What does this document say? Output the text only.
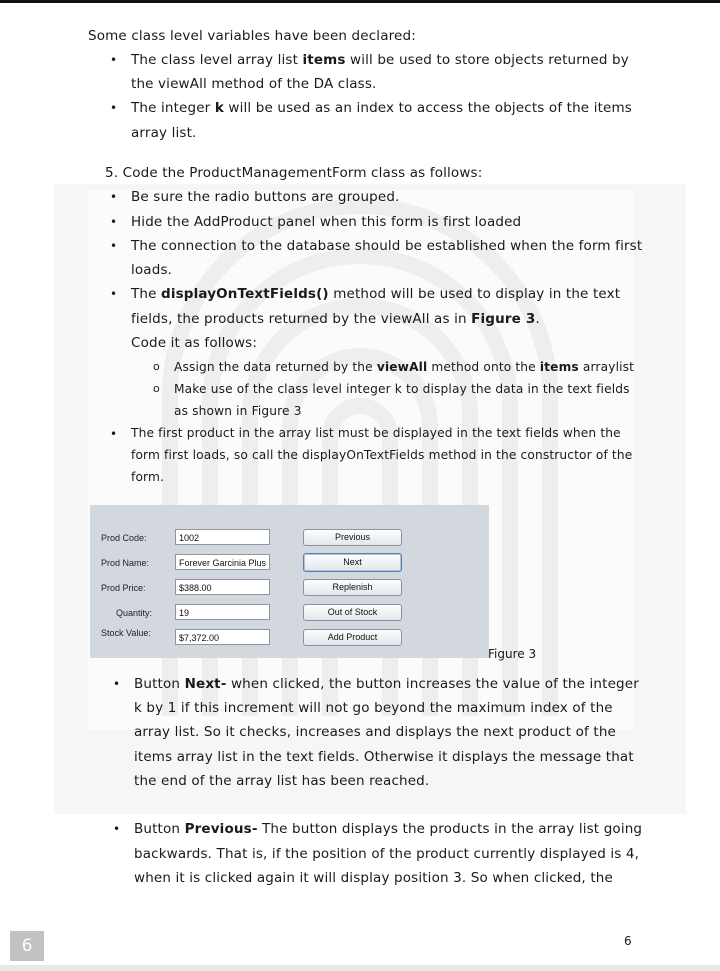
Some class level variables have been declared:
• The class level array list items will be used to store objects returned by
the viewAll method of the DA class.
• The integer k will be used as an index to access the objects of the items
array list.
5. Code the ProductManagementForm class as follows:
• Be sure the radio buttons are grouped.
• Hide the AddProduct panel when this form is first loaded
• The connection to the database should be established when the form first
loads.
• The displayOnTextFields() method will be used to display in the text
fields, the products returned by the viewAll as in Figure 3.
Code it as follows:
o Assign the data returned by the viewAll method onto the items arraylist
o Make use of the class level integer k to display the data in the text fields
as shown in Figure 3
• The first product in the array list must be displayed in the text fields when the
form first loads, so call the displayOnTextFields method in the constructor of the
form.
Prod Code:	1002	Previous
Prod Name:	Forever Garcinia Plus	Next
Prod Price:	$388.00	Replenish
Quantity:	19	Out of Stock
Stock Value:	$7,372.00	Add Product
Figure 3
• Button Next- when clicked, the button increases the value of the integer
k by 1 if this increment will not go beyond the maximum index of the
array list. So it checks, increases and displays the next product of the
items array list in the text fields. Otherwise it displays the message that
the end of the array list has been reached.
• Button Previous- The button displays the products in the array list going
backwards. That is, if the position of the product currently displayed is 4,
when it is clicked again it will display position 3. So when clicked, the
6	6
